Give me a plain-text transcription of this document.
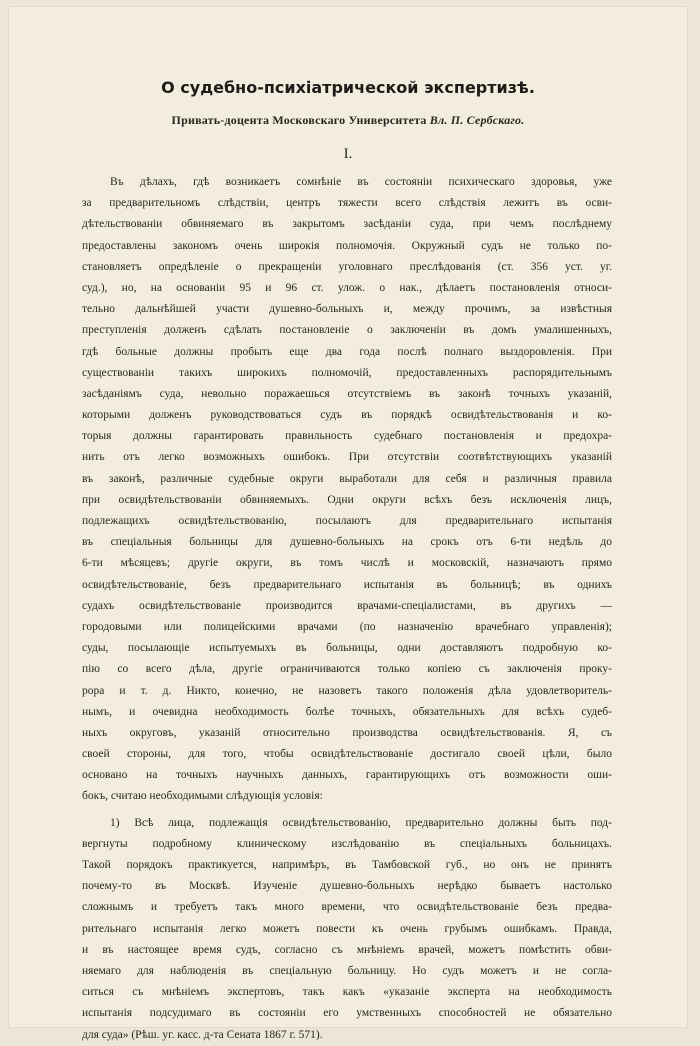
О судебно-психіатрической экспертизѣ.
Привать-доцента Московскаго Университета Вл. П. Сербскаго.
I.
Въ дѣлахъ, гдѣ возникаетъ сомнѣніе въ состояніи психическаго здоровья, уже
за предварительномъ слѣдствіи, центръ тяжести всего слѣдствія лежитъ въ осви-
дѣтельствованіи обвиняемаго въ закрытомъ засѣданіи суда, при чемъ послѣднему
предоставлены закономъ очень широкія полномочія. Окружный судъ не только по-
становляетъ опредѣленіе о прекращеніи уголовнаго преслѣдованія (ст. 356 уст. уг.
суд.), но, на основаніи 95 и 96 ст. улож. о нак., дѣлаетъ постановленія относи-
тельно дальнѣйшей участи душевно-больныхъ и, между прочимъ, за извѣстныя
преступленія долженъ сдѣлать постановленіе о заключеніи въ домъ умалишенныхъ,
гдѣ больные должны пробыть еще два года послѣ полнаго выздоровленія. При
существованіи такихъ широкихъ полномочій, предоставленныхъ распорядительнымъ
засѣданіямъ суда, невольно поражаешься отсутствіемъ въ законѣ точныхъ указаній,
которыми долженъ руководствоваться судъ въ порядкѣ освидѣтельствованія и ко-
торыя должны гарантировать правильность судебнаго постановленія и предохра-
нить отъ легко возможныхъ ошибокъ. При отсутствіи соотвѣтствующихъ указаній
въ законѣ, различные судебные округи выработали для себя и различныя правила
при освидѣтельствованіи обвиняемыхъ. Одни округи всѣхъ безъ исключенія лицъ,
подлежащихъ освидѣтельствованію, посылаютъ для предварительнаго испытанія
въ спеціальныя больницы для душевно-больныхъ на срокъ отъ 6-ти недѣль до
6-ти мѣсяцевъ; другіе округи, въ томъ числѣ и московскій, назначаютъ прямо
освидѣтельствованіе, безъ предварительнаго испытанія въ больницѣ; въ однихъ
судахъ освидѣтельствованіе производится врачами-спеціалистами, въ другихъ —
городовыми или полицейскими врачами (по назначенію врачебнаго управленія);
суды, посылающіе испытуемыхъ въ больницы, одни доставляютъ подробную ко-
пію со всего дѣла, другіе ограничиваются только копіею съ заключенія проку-
рора и т. д. Никто, конечно, не назоветъ такого положенія дѣла удовлетворитель-
нымъ, и очевидна необходимость болѣе точныхъ, обязательныхъ для всѣхъ судеб-
ныхъ округовъ, указаній относительно производства освидѣтельствованія. Я, съ
своей стороны, для того, чтобы освидѣтельствованіе достигало своей цѣли, было
основано на точныхъ научныхъ данныхъ, гарантирующихъ отъ возможности оши-
бокъ, считаю необходимыми слѣдующія условія:
1) Всѣ лица, подлежащія освидѣтельствованію, предварительно должны быть под-
вергнуты подробному клиническому изслѣдованію въ спеціальныхъ больницахъ.
Такой порядокъ практикуется, напримѣръ, въ Тамбовской губ., но онъ не принятъ
почему-то въ Москвѣ. Изученіе душевно-больныхъ нерѣдко бываетъ настолько
сложнымъ и требуетъ такъ много времени, что освидѣтельствованіе безъ предва-
рительнаго испытанія легко можетъ повести къ очень грубымъ ошибкамъ. Правда,
и въ настоящее время судъ, согласно съ мнѣніемъ врачей, можетъ помѣстить обви-
няемаго для наблюденія въ спеціальную больницу. Но судъ можетъ и не согла-
ситься съ мнѣніемъ экспертовъ, такъ какъ «указаніе эксперта на необходимость
испытанія подсудимаго въ состояніи его умственныхъ способностей не обязательно
для суда» (Рѣш. уг. касс. д-та Сената 1867 г. 571).
